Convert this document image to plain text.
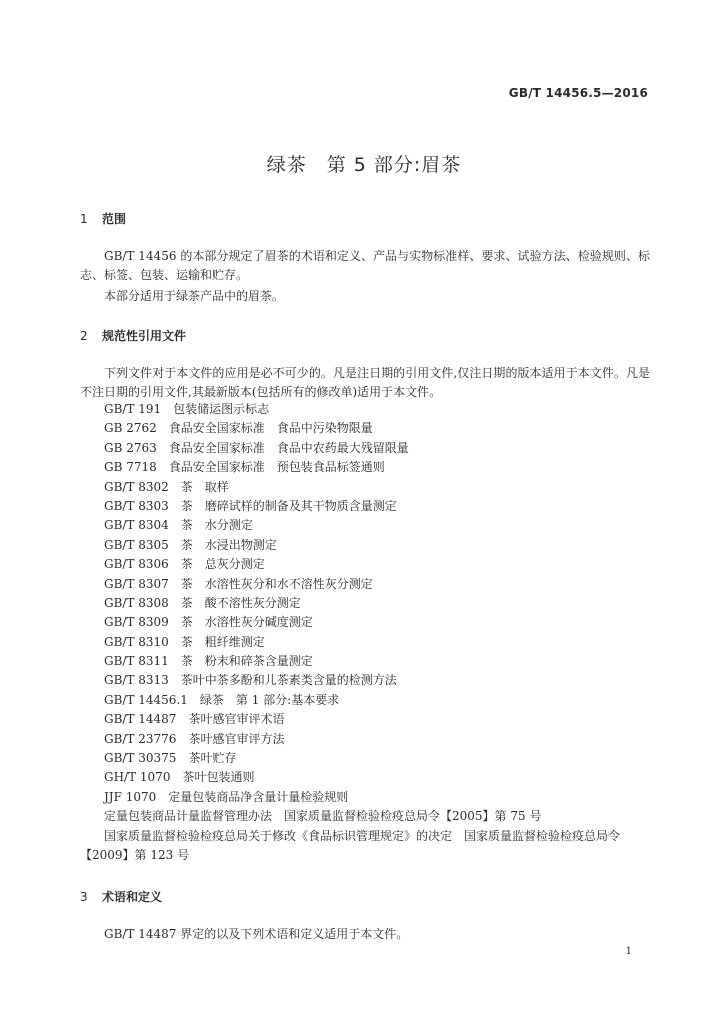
GB/T 14456.5—2016
绿茶 第 5 部分:眉茶
1 范围

GB/T 14456 的本部分规定了眉茶的术语和定义、产品与实物标准样、要求、试验方法、检验规则、标志、标签、包装、运输和贮存。

本部分适用于绿茶产品中的眉茶。

2 规范性引用文件

下列文件对于本文件的应用是必不可少的。凡是注日期的引用文件,仅注日期的版本适用于本文件。凡是不注日期的引用文件,其最新版本(包括所有的修改单)适用于本文件。

GB/T 191　包装储运图示标志
GB 2762　食品安全国家标准　食品中污染物限量
GB 2763　食品安全国家标准　食品中农药最大残留限量
GB 7718　食品安全国家标准　预包装食品标签通则
GB/T 8302　茶　取样
GB/T 8303　茶　磨碎试样的制备及其干物质含量测定
GB/T 8304　茶　水分测定
GB/T 8305　茶　水浸出物测定
GB/T 8306　茶　总灰分测定
GB/T 8307　茶　水溶性灰分和水不溶性灰分测定
GB/T 8308　茶　酸不溶性灰分测定
GB/T 8309　茶　水溶性灰分碱度测定
GB/T 8310　茶　粗纤维测定
GB/T 8311　茶　粉末和碎茶含量测定
GB/T 8313　茶叶中茶多酚和儿茶素类含量的检测方法
GB/T 14456.1　绿茶　第 1 部分:基本要求
GB/T 14487　茶叶感官审评术语
GB/T 23776　茶叶感官审评方法
GB/T 30375　茶叶贮存
GH/T 1070　茶叶包装通则
JJF 1070　定量包装商品净含量计量检验规则
定量包装商品计量监督管理办法　国家质量监督检验检疫总局令【2005】第 75 号
国家质量监督检验检疫总局关于修改《食品标识管理规定》的决定　国家质量监督检验检疫总局令
【2009】第 123 号
3 术语和定义

GB/T 14487 界定的以及下列术语和定义适用于本文件。

1
